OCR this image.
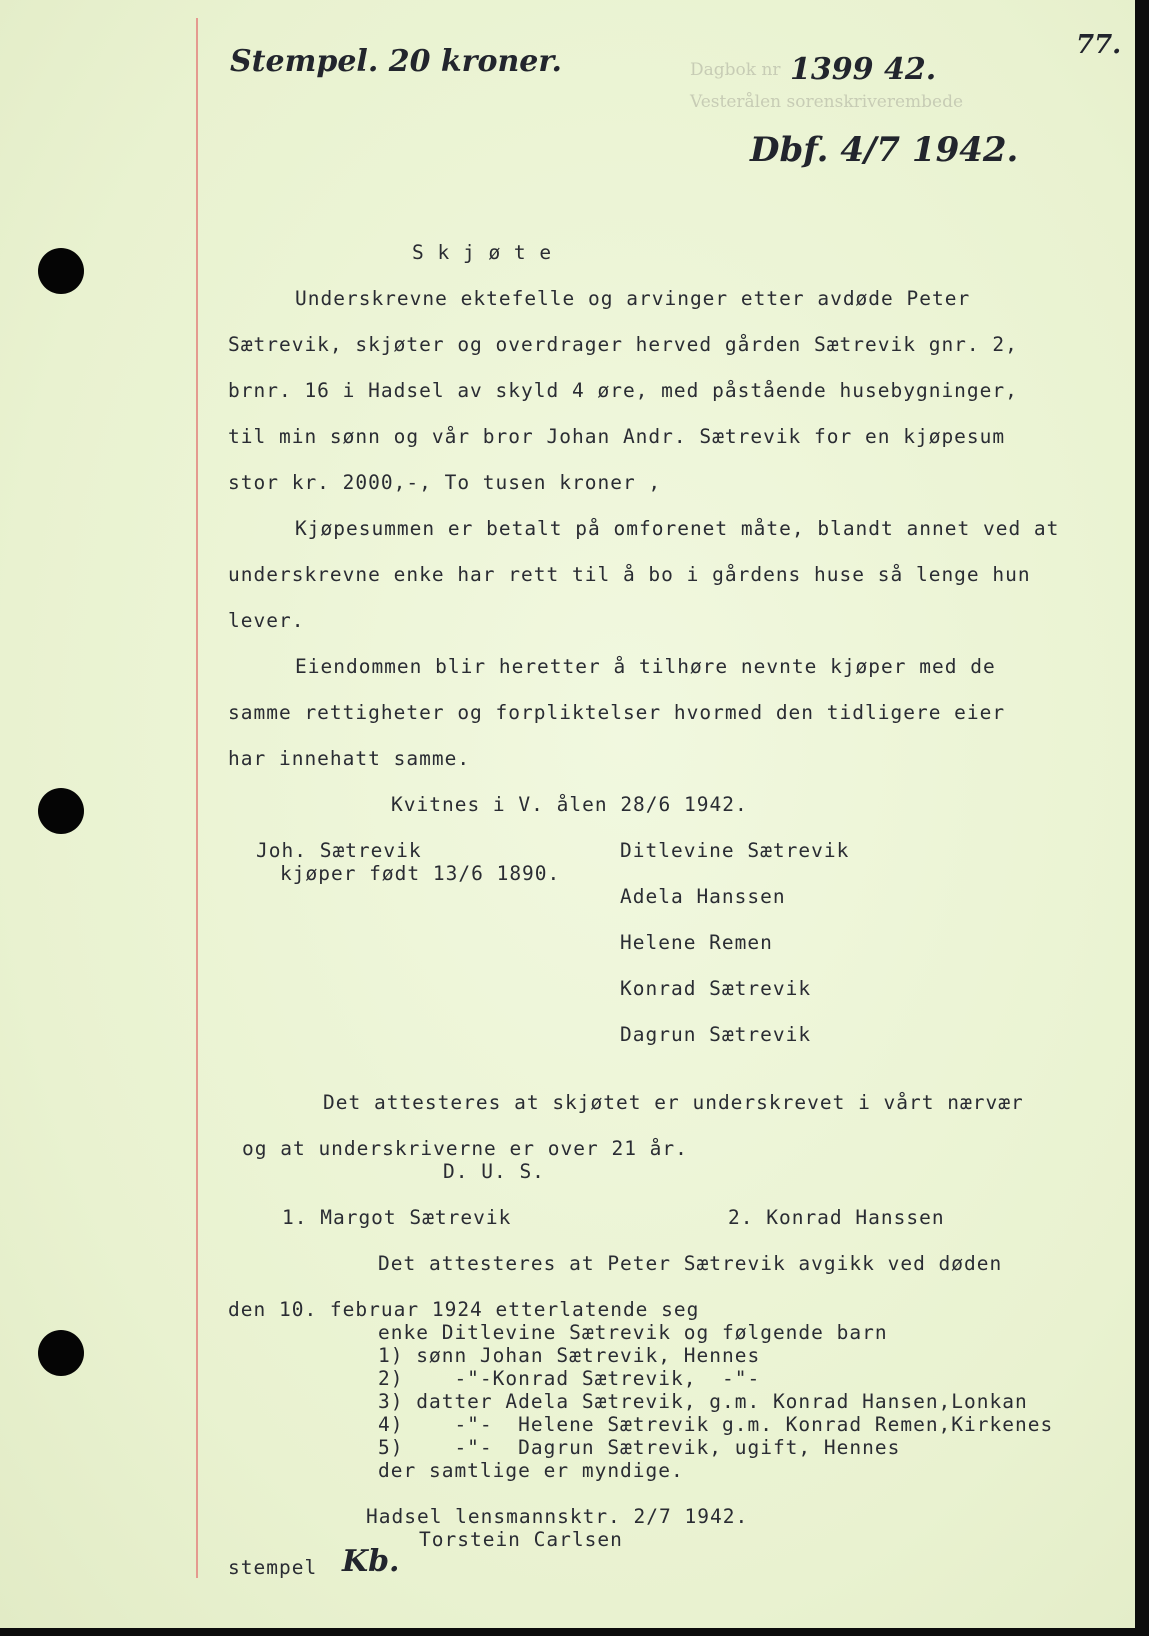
Stempel. 20 kroner.	1399 42.
77.
Dagbok nr
Vesterålen sorenskriverembede
Dbf. 4/7 1942.
S k j ø t e
Underskrevne ektefelle og arvinger etter avdøde Peter
Sætrevik, skjøter og overdrager herved gården Sætrevik gnr. 2,
brnr. 16 i Hadsel av skyld 4 øre, med påstående husebygninger,
til min sønn og vår bror Johan Andr. Sætrevik for en kjøpesum
stor kr. 2000,-, To tusen kroner ,
Kjøpesummen er betalt på omforenet måte, blandt annet ved at
underskrevne enke har rett til å bo i gårdens huse så lenge hun
lever.
Eiendommen blir heretter å tilhøre nevnte kjøper med de
samme rettigheter og forpliktelser hvormed den tidligere eier
har innehatt samme.
Kvitnes i V. ålen 28/6 1942.
Joh. Sætrevik
kjøper født 13/6 1890.
Ditlevine Sætrevik
Adela Hanssen
Helene Remen
Konrad Sætrevik
Dagrun Sætrevik
Det attesteres at skjøtet er underskrevet i vårt nærvær
og at underskriverne er over 21 år.
D. U. S.
1. Margot Sætrevik	2. Konrad Hanssen
Det attesteres at Peter Sætrevik avgikk ved døden
den 10. februar 1924 etterlatende seg
enke Ditlevine Sætrevik og følgende barn
1) sønn Johan Sætrevik, Hennes
2)    -"-Konrad Sætrevik,  -"-
3) datter Adela Sætrevik, g.m. Konrad Hansen,Lonkan
4)    -"-  Helene Sætrevik g.m. Konrad Remen,Kirkenes
5)    -"-  Dagrun Sætrevik, ugift, Hennes
der samtlige er myndige.
Hadsel lensmannsktr. 2/7 1942.
Torstein Carlsen
stempel Kb.
